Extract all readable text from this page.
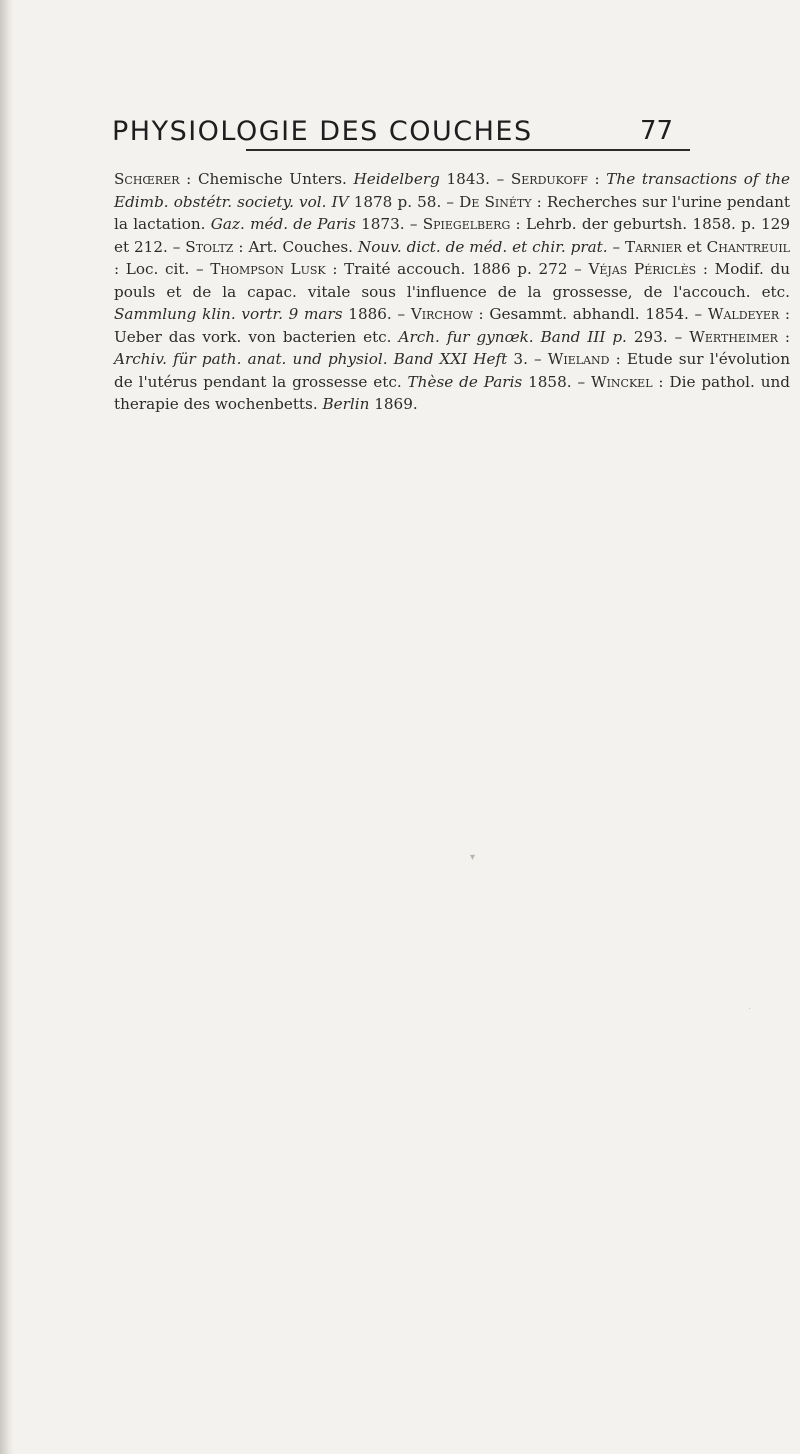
PHYSIOLOGIE DES COUCHES	77
Schœrer : Chemische Unters. Heidelberg 1843. – Serdukoff : The transactions of the Edimb. obstétr. society. vol. IV 1878 p. 58. – De Sinéty : Recherches sur l'urine pendant la lactation. Gaz. méd. de Paris 1873. – Spiegelberg : Lehrb. der geburtsh. 1858. p. 129 et 212. – Stoltz : Art. Couches. Nouv. dict. de méd. et chir. prat. – Tarnier et Chantreuil : Loc. cit. – Thompson Lusk : Traité accouch. 1886 p. 272 – Véjas Périclès : Modif. du pouls et de la capac. vitale sous l'influence de la grossesse, de l'accouch. etc. Sammlung klin. vortr. 9 mars 1886. – Virchow : Gesammt. abhandl. 1854. – Waldeyer : Ueber das vork. von bacterien etc. Arch. fur gynœk. Band III p. 293. – Wertheimer : Archiv. für path. anat. und physiol. Band XXI Heft 3. – Wieland : Etude sur l'évolution de l'utérus pendant la grossesse etc. Thèse de Paris 1858. – Winckel : Die pathol. und therapie des wochenbetts. Berlin 1869.
▾
·
